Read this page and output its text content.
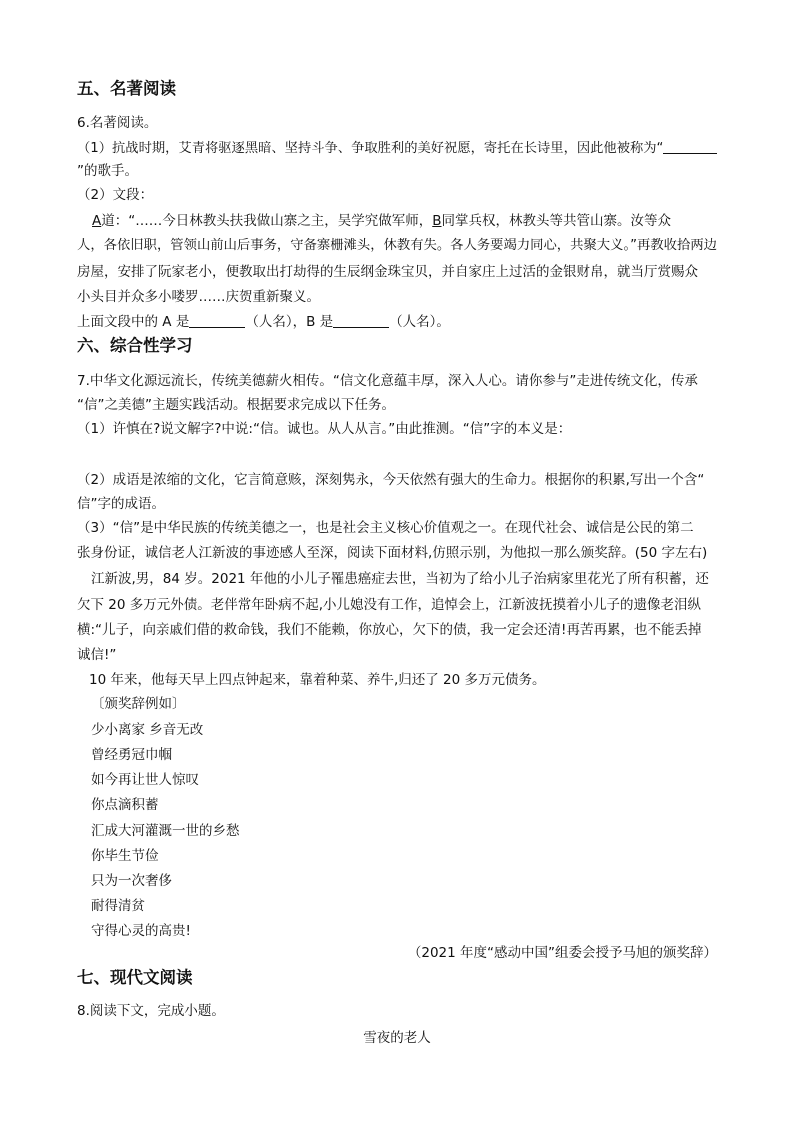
五、名著阅读
6.名著阅读。
（1）抗战时期，艾青将驱逐黑暗、坚持斗争、争取胜利的美好祝愿，寄托在长诗里，因此他被称为“
”的歌手。
（2）文段：
A道：“……今日林教头扶我做山寨之主，吴学究做军师，B同掌兵权，林教头等共管山寨。汝等众
人，各依旧职，管领山前山后事务，守备寨栅滩头，休教有失。各人务要竭力同心，共聚大义。”再教收拾两边
房屋，安排了阮家老小，便教取出打劫得的生辰纲金珠宝贝，并自家庄上过活的金银财帛，就当厅赏赐众
小头目并众多小喽罗……庆贺重新聚义。
上面文段中的 A 是	（人名），B 是	（人名）。
六、综合性学习
7.中华文化源远流长，传统美德薪火相传。“信文化意蕴丰厚，深入人心。请你参与”走进传统文化，传承
“信”之美德”主题实践活动。根据要求完成以下任务。
（1）许慎在?说文解字?中说:“信。诚也。从人从言。”由此推测。“信”字的本义是：
（2）成语是浓缩的文化，它言简意赅，深刻隽永，今天依然有强大的生命力。根据你的积累,写出一个含“
信”字的成语。
（3）“信”是中华民族的传统美德之一，也是社会主义核心价值观之一。在现代社会、诚信是公民的第二
张身份证，诚信老人江新波的事迹感人至深，阅读下面材料,仿照示别，为他拟一那么颁奖辞。(50 字左右)
江新波,男，84 岁。2021 年他的小儿子罹患癌症去世，当初为了给小儿子治病家里花光了所有积蓄，还
欠下 20 多万元外债。老伴常年卧病不起,小儿媳没有工作，追悼会上，江新波抚摸着小儿子的遗像老泪纵
横:“儿子，向亲戚们借的救命钱，我们不能赖，你放心，欠下的债，我一定会还清!再苦再累，也不能丢掉
诚信!”
10 年来，他每天早上四点钟起来，靠着种菜、养牛,归还了 20 多万元债务。
〔颁奖辞例如〕
少小离家 乡音无改
曾经勇冠巾帼
如今再让世人惊叹
你点滴积蓄
汇成大河灌溉一世的乡愁
你毕生节俭
只为一次奢侈
耐得清贫
守得心灵的高贵!
（2021 年度“感动中国”组委会授予马旭的颁奖辞）
七、现代文阅读
8.阅读下文，完成小题。
雪夜的老人
